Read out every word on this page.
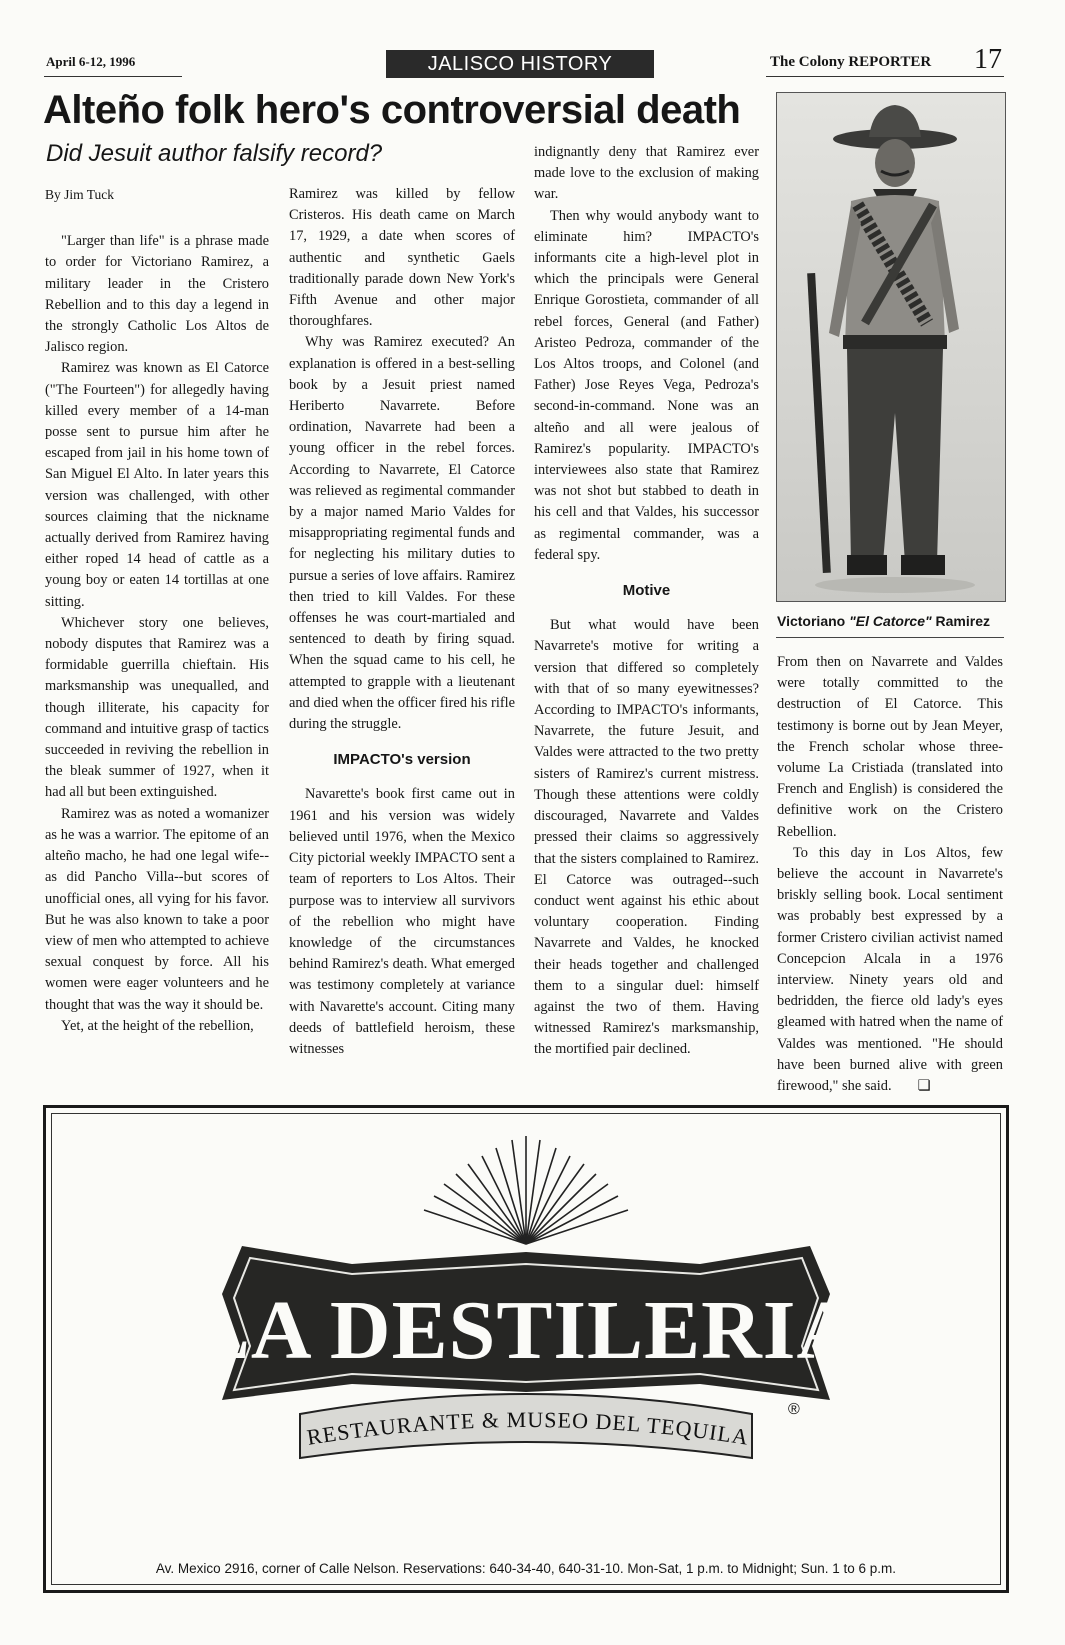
April 6-12, 1996	JALISCO HISTORY	The Colony REPORTER 17
Alteño folk hero's controversial death
Did Jesuit author falsify record?

By Jim Tuck

"Larger than life" is a phrase made to order for Victoriano Ramirez, a military leader in the Cristero Rebellion and to this day a legend in the strongly Catholic Los Altos de Jalisco region.

Ramirez was known as El Catorce ("The Fourteen") for allegedly having killed every member of a 14-man posse sent to pursue him after he escaped from jail in his home town of San Miguel El Alto. In later years this version was challenged, with other sources claiming that the nickname actually derived from Ramirez having either roped 14 head of cattle as a young boy or eaten 14 tortillas at one sitting.

Whichever story one believes, nobody disputes that Ramirez was a formidable guerrilla chieftain. His marksmanship was unequalled, and though illiterate, his capacity for command and intuitive grasp of tactics succeeded in reviving the rebellion in the bleak summer of 1927, when it had all but been extinguished.

Ramirez was as noted a womanizer as he was a warrior. The epitome of an alteño macho, he had one legal wife--as did Pancho Villa--but scores of unofficial ones, all vying for his favor. But he was also known to take a poor view of men who attempted to achieve sexual conquest by force. All his women were eager volunteers and he thought that was the way it should be.

Yet, at the height of the rebellion,

Ramirez was killed by fellow Cristeros. His death came on March 17, 1929, a date when scores of authentic and synthetic Gaels traditionally parade down New York's Fifth Avenue and other major thoroughfares.

Why was Ramirez executed? An explanation is offered in a best-selling book by a Jesuit priest named Heriberto Navarrete. Before ordination, Navarrete had been a young officer in the rebel forces. According to Navarrete, El Catorce was relieved as regimental commander by a major named Mario Valdes for misappropriating regimental funds and for neglecting his military duties to pursue a series of love affairs. Ramirez then tried to kill Valdes. For these offenses he was court-martialed and sentenced to death by firing squad. When the squad came to his cell, he attempted to grapple with a lieutenant and died when the officer fired his rifle during the struggle.

IMPACTO's version

Navarette's book first came out in 1961 and his version was widely believed until 1976, when the Mexico City pictorial weekly IMPACTO sent a team of reporters to Los Altos. Their purpose was to interview all survivors of the rebellion who might have knowledge of the circumstances behind Ramirez's death. What emerged was testimony completely at variance with Navarette's account. Citing many deeds of battlefield heroism, these witnesses

indignantly deny that Ramirez ever made love to the exclusion of making war.

Then why would anybody want to eliminate him? IMPACTO's informants cite a high-level plot in which the principals were General Enrique Gorostieta, commander of all rebel forces, General (and Father) Aristeo Pedroza, commander of the Los Altos troops, and Colonel (and Father) Jose Reyes Vega, Pedroza's second-in-command. None was an alteño and all were jealous of Ramirez's popularity. IMPACTO's interviewees also state that Ramirez was not shot but stabbed to death in his cell and that Valdes, his successor as regimental commander, was a federal spy.

Motive

But what would have been Navarrete's motive for writing a version that differed so completely with that of so many eyewitnesses? According to IMPACTO's informants, Navarrete, the future Jesuit, and Valdes were attracted to the two pretty sisters of Ramirez's current mistress. Though these attentions were coldly discouraged, Navarrete and Valdes pressed their claims so aggressively that the sisters complained to Ramirez. El Catorce was outraged--such conduct went against his ethic about voluntary cooperation. Finding Navarrete and Valdes, he knocked their heads together and challenged them to a singular duel: himself against the two of them. Having witnessed Ramirez's marksmanship, the mortified pair declined.

Victoriano "El Catorce" Ramirez

From then on Navarrete and Valdes were totally committed to the destruction of El Catorce. This testimony is borne out by Jean Meyer, the French scholar whose three-volume La Cristiada (translated into French and English) is considered the definitive work on the Cristero Rebellion.

To this day in Los Altos, few believe the account in Navarrete's briskly selling book. Local sentiment was probably best expressed by a former Cristero civilian activist named Concepcion Alcala in a 1976 interview. Ninety years old and bedridden, the fierce old lady's eyes gleamed with hatred when the name of Valdes was mentioned. "He should have been burned alive with green firewood," she said. ❏

LA DESTILERIA
RESTAURANTE & MUSEO DEL TEQUILA
®
Av. Mexico 2916, corner of Calle Nelson. Reservations: 640-34-40, 640-31-10. Mon-Sat, 1 p.m. to Midnight; Sun. 1 to 6 p.m.
